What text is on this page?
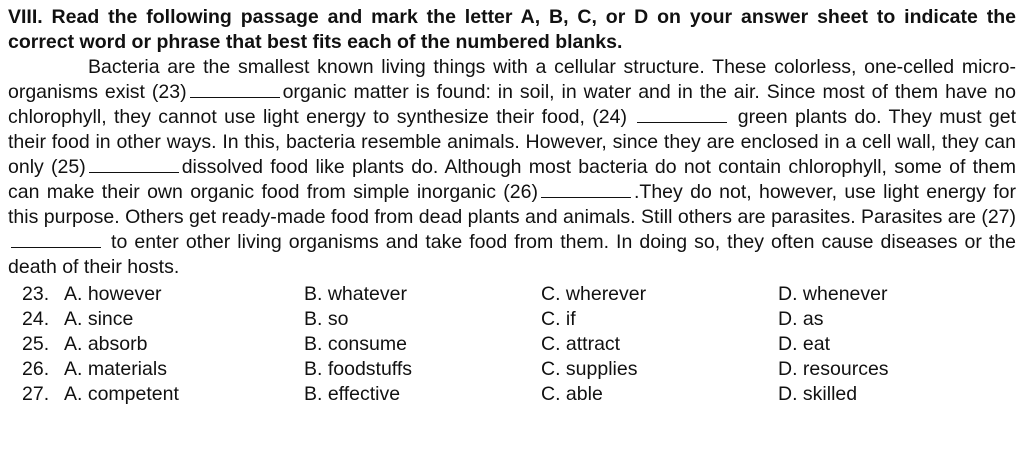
VIII. Read the following passage and mark the letter A, B, C, or D on your answer sheet to indicate the correct word or phrase that best fits each of the numbered blanks.

Bacteria are the smallest known living things with a cellular structure. These colorless, one-celled micro-organisms exist (23)	organic matter is found: in soil, in water and in the air. Since most of them have no chlorophyll, they cannot use light energy to synthesize their food, (24)	green plants do. They must get their food in other ways. In this, bacteria resemble animals. However, since they are enclosed in a cell wall, they can only (25)	dissolved food like plants do. Although most bacteria do not contain chlorophyll, some of them can make their own organic food from simple inorganic (26)	.They do not, however, use light energy for this purpose. Others get ready-made food from dead plants and animals. Still others are parasites. Parasites are (27)  to enter other living organisms and take food from them. In doing so, they often cause diseases or the death of their hosts.

23. A. however	B. whatever	C. wherever	D. whenever
24. A. since	B. so	C. if	D. as
25. A. absorb	B. consume	C. attract	D. eat
26. A. materials	B. foodstuffs	C. supplies	D. resources
27. A. competent	B. effective	C. able	D. skilled
